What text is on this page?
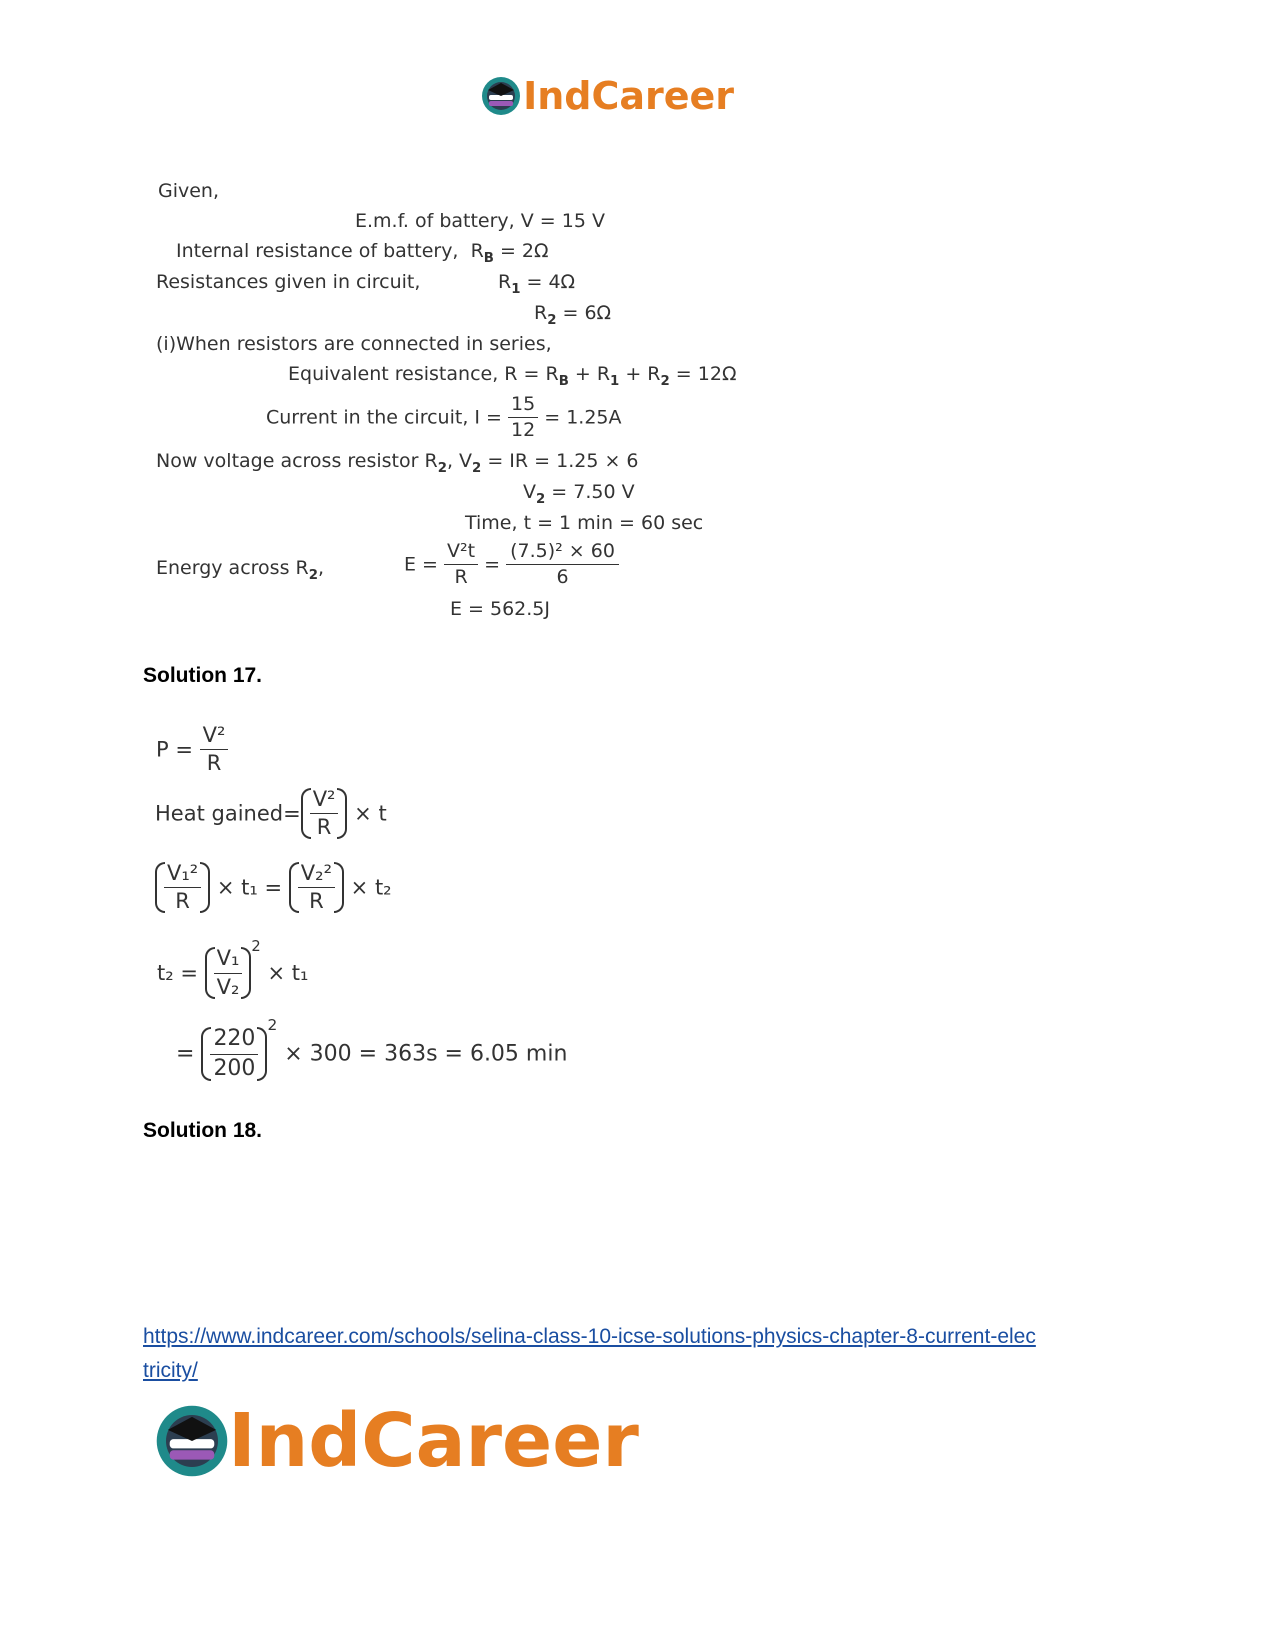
IndCareer
Given,
E.m.f. of battery, V = 15 V
Internal resistance of battery, $R_B = 2\Omega$
Resistances given in circuit,	$R_1 = 4\Omega$
$R_2 = 6\Omega$
(i)When resistors are connected in series,
Equivalent resistance, $R = R_B + R_1 + R_2 = 12\Omega$
Current in the circuit, $I = \frac{15}{12} = 1.25A$
Now voltage across resistor $R_2$, $V_2$ = IR = 1.25 × 6
$V_2 = 7.50$ V
Time, t = 1 min = 60 sec
Energy across $R_2$,	$E = \frac{\text{V²t}}{R} = \frac{\text{(7.5)² × 60}}{6}$
E = 562.5J
Solution 17.
$P = \frac{\text{V²}}{R}$
Heat gained= $\frac{\text{V²}}{R} \times t$
$\frac{\text{V₁²}}{R} \times t_1 = \frac{\text{V₂²}}{R} \times t_2$
$t_2 = \frac{\text{V₁}}{\text{V₂}}$
$^2$ × t₁
= $\frac{220}{200}$
$^2$ × 300 = 363s = 6.05 min
Solution 18.
https://www.indcareer.com/schools/selina-class-10-icse-solutions-physics-chapter-8-current-elec
tricity/
IndCareer
